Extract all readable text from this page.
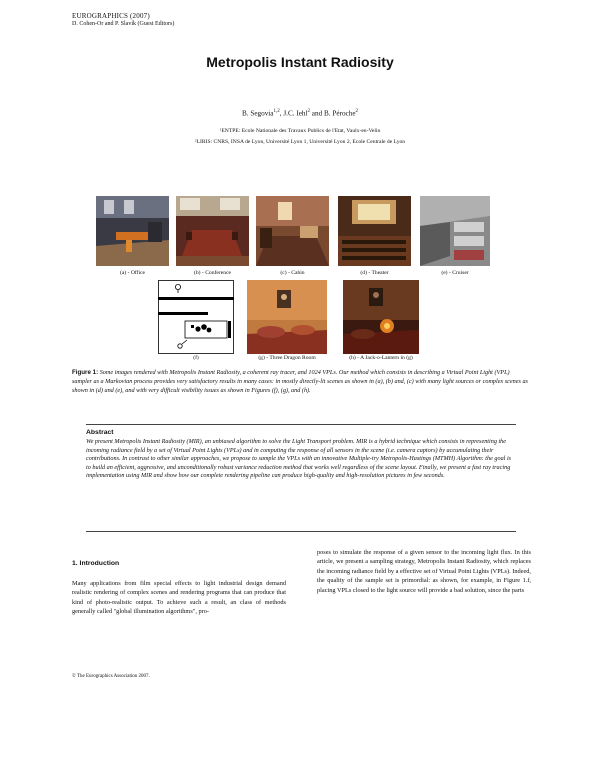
EUROGRAPHICS (2007)
D. Cohen-Or and P. Slavík (Guest Editors)
Metropolis Instant Radiosity
B. Segovia$^{1,2}$, J.C. Iehl$^2$ and B. Péroche$^2$
¹ENTPE: Ecole Nationale des Travaux Publics de l'Etat, Vaulx-en-Velin
²LIRIS: CNRS, INSA de Lyon, Université Lyon 1, Université Lyon 2, Ecole Centrale de Lyon
(a) - Office	(b) - Conference	(c) - Cabin	(d) - Theater	(e) - Cruiser
(f)	(g) - Three Dragon Room	(h) - A Jack-o-Lantern in (g)
Figure 1: Some images rendered with Metropolis Instant Radiosity, a coherent ray tracer, and 1024 VPLs. Our method which consists in describing a Virtual Point Light (VPL) sampler as a Markovian process provides very satisfactory results in many cases: in mostly directly-lit scenes as shown in (a), (b) and, (c) with many light sources or complex scenes as shown in (d) and (e), and with very difficult visibility issues as shown in Figures (f), (g), and (h).
Abstract
We present Metropolis Instant Radiosity (MIR), an unbiased algorithm to solve the Light Transport problem. MIR is a hybrid technique which consists in representing the incoming radiance field by a set of Virtual Point Lights (VPLs) and in computing the response of all sensors in the scene (i.e. camera captors) by accumulating their contributions. In contrast to other similar approaches, we propose to sample the VPLs with an innovative Multiple-try Metropolis-Hastings (MTMH) Algorithm: the goal is to build an efficient, aggressive, and unconditionally robust variance reduction method that works well regardless of the scene layout. Finally, we present a fast ray tracing implementation using MIR and show how our complete rendering pipeline can produce high-quality and high-resolution pictures in few seconds.
1. Introduction
Many applications from film special effects to light industrial design demand realistic rendering of complex scenes and rendering programs that can produce that kind of photo-realistic output. To achieve such a result, an class of methods generally called "global illumination algorithms", pro-
poses to simulate the response of a given sensor to the incoming light flux. In this article, we present a sampling strategy, Metropolis Instant Radiosity, which replaces the incoming radiance field by a effective set of Virtual Point Lights (VPLs). Indeed, the quality of the sample set is primordial: as shown, for example, in Figure 1.f, placing VPLs closed to the light source will provide a bad solution, since the parts
© The Eurographics Association 2007.
